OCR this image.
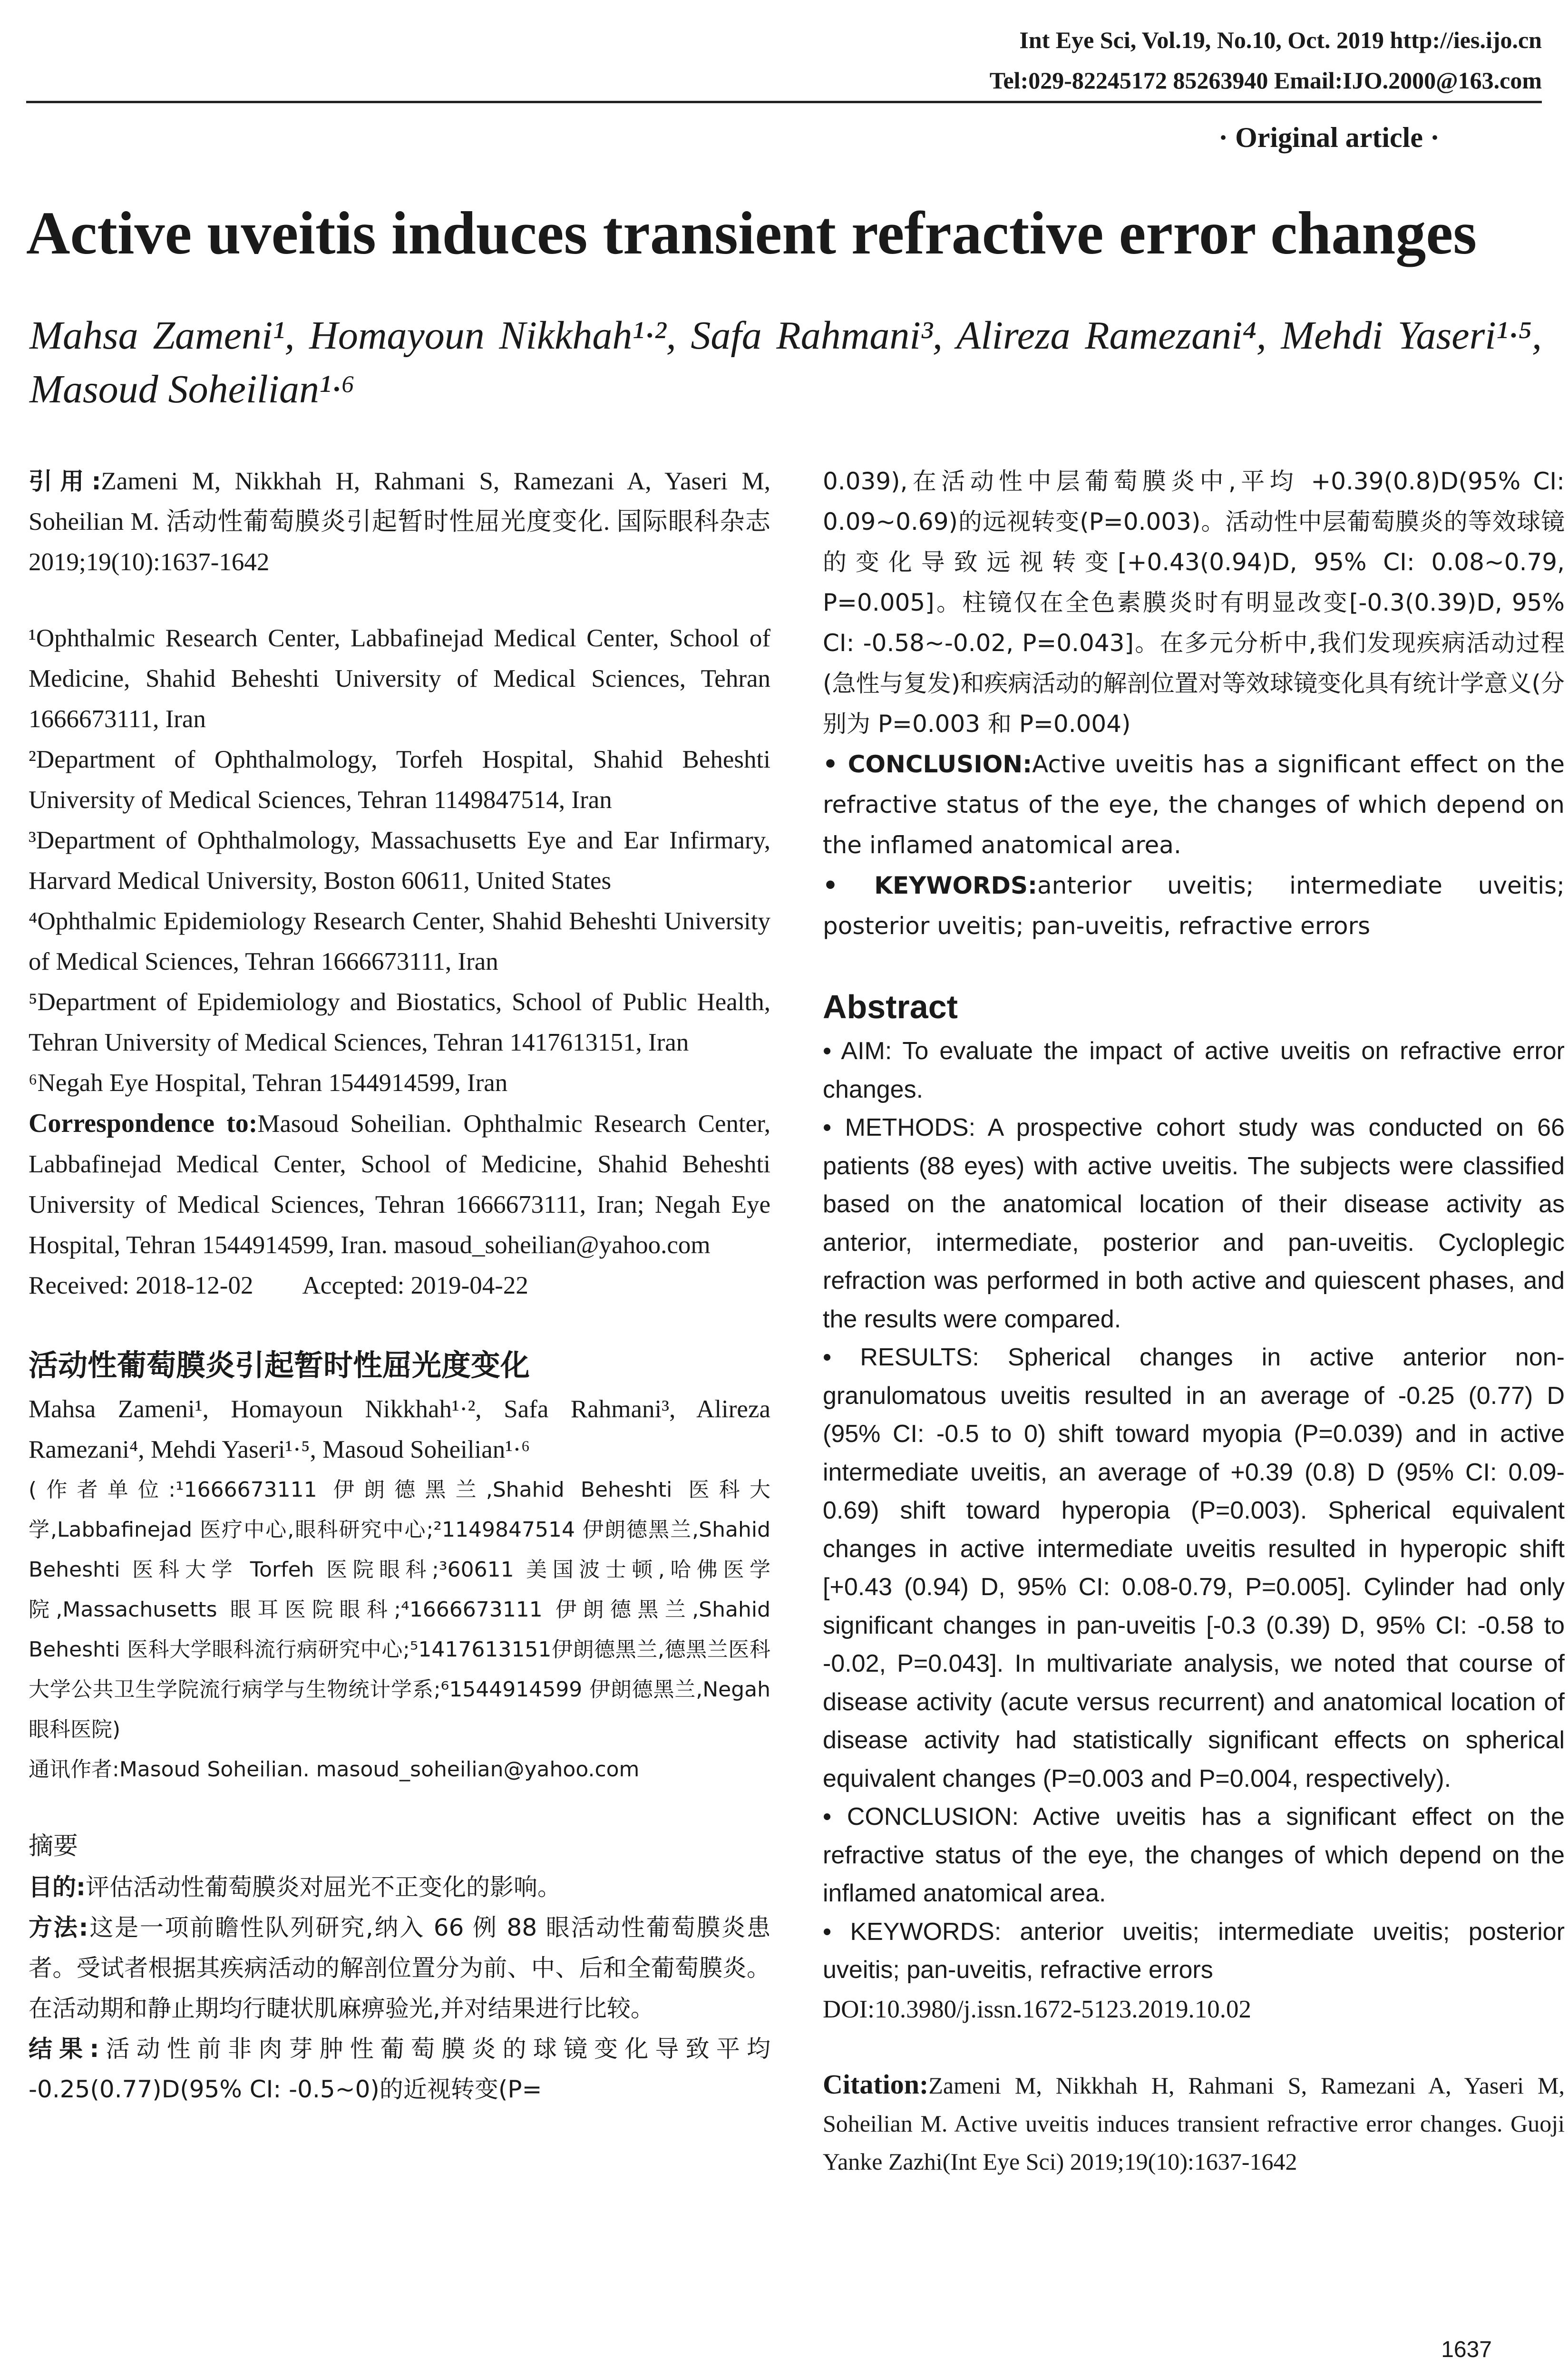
Int Eye Sci, Vol.19, No.10, Oct. 2019 http://ies.ijo.cn
Tel:029-82245172 85263940 Email:IJO.2000@163.com
· Original article ·
Active uveitis induces transient refractive error changes
Mahsa Zameni¹, Homayoun Nikkhah¹·², Safa Rahmani³, Alireza Ramezani⁴, Mehdi Yaseri¹·⁵, Masoud Soheilian¹·⁶

引用:Zameni M, Nikkhah H, Rahmani S, Ramezani A, Yaseri M, Soheilian M. 活动性葡萄膜炎引起暂时性屈光度变化. 国际眼科杂志 2019;19(10):1637-1642

¹Ophthalmic Research Center, Labbafinejad Medical Center, School of Medicine, Shahid Beheshti University of Medical Sciences, Tehran 1666673111, Iran

²Department of Ophthalmology, Torfeh Hospital, Shahid Beheshti University of Medical Sciences, Tehran 1149847514, Iran

³Department of Ophthalmology, Massachusetts Eye and Ear Infirmary, Harvard Medical University, Boston 60611, United States

⁴Ophthalmic Epidemiology Research Center, Shahid Beheshti University of Medical Sciences, Tehran 1666673111, Iran

⁵Department of Epidemiology and Biostatics, School of Public Health, Tehran University of Medical Sciences, Tehran 1417613151, Iran

⁶Negah Eye Hospital, Tehran 1544914599, Iran

Correspondence to:Masoud Soheilian. Ophthalmic Research Center, Labbafinejad Medical Center, School of Medicine, Shahid Beheshti University of Medical Sciences, Tehran 1666673111, Iran; Negah Eye Hospital, Tehran 1544914599, Iran. masoud_soheilian@yahoo.com

Received: 2018-12-02        Accepted: 2019-04-22

活动性葡萄膜炎引起暂时性屈光度变化

Mahsa Zameni¹, Homayoun Nikkhah¹·², Safa Rahmani³, Alireza Ramezani⁴, Mehdi Yaseri¹·⁵, Masoud Soheilian¹·⁶

(作者单位:¹1666673111 伊朗德黑兰,Shahid Beheshti 医科大学,Labbafinejad 医疗中心,眼科研究中心;²1149847514 伊朗德黑兰,Shahid Beheshti 医科大学 Torfeh 医院眼科;³60611 美国波士顿,哈佛医学院,Massachusetts 眼耳医院眼科;⁴1666673111 伊朗德黑兰,Shahid Beheshti 医科大学眼科流行病研究中心;⁵1417613151伊朗德黑兰,德黑兰医科大学公共卫生学院流行病学与生物统计学系;⁶1544914599 伊朗德黑兰,Negah 眼科医院)

通讯作者:Masoud Soheilian. masoud_soheilian@yahoo.com

摘要

目的:评估活动性葡萄膜炎对屈光不正变化的影响。

方法:这是一项前瞻性队列研究,纳入 66 例 88 眼活动性葡萄膜炎患者。受试者根据其疾病活动的解剖位置分为前、中、后和全葡萄膜炎。在活动期和静止期均行睫状肌麻痹验光,并对结果进行比较。

结果:活动性前非肉芽肿性葡萄膜炎的球镜变化导致平均 -0.25(0.77)D(95% CI: -0.5~0)的近视转变(P=

0.039),在活动性中层葡萄膜炎中,平均 +0.39(0.8)D(95% CI: 0.09~0.69)的远视转变(P=0.003)。活动性中层葡萄膜炎的等效球镜的变化导致远视转变[+0.43(0.94)D, 95% CI: 0.08~0.79, P=0.005]。柱镜仅在全色素膜炎时有明显改变[-0.3(0.39)D, 95% CI: -0.58~-0.02, P=0.043]。在多元分析中,我们发现疾病活动过程(急性与复发)和疾病活动的解剖位置对等效球镜变化具有统计学意义(分别为 P=0.003 和 P=0.004)

• CONCLUSION:Active uveitis has a significant effect on the refractive status of the eye, the changes of which depend on the inflamed anatomical area.

• KEYWORDS:anterior uveitis; intermediate uveitis; posterior uveitis; pan-uveitis, refractive errors

Abstract

• AIM: To evaluate the impact of active uveitis on refractive error changes.

• METHODS: A prospective cohort study was conducted on 66 patients (88 eyes) with active uveitis. The subjects were classified based on the anatomical location of their disease activity as anterior, intermediate, posterior and pan-uveitis. Cycloplegic refraction was performed in both active and quiescent phases, and the results were compared.

• RESULTS: Spherical changes in active anterior non-granulomatous uveitis resulted in an average of -0.25 (0.77) D (95% CI: -0.5 to 0) shift toward myopia (P=0.039) and in active intermediate uveitis, an average of +0.39 (0.8) D (95% CI: 0.09-0.69) shift toward hyperopia (P=0.003). Spherical equivalent changes in active intermediate uveitis resulted in hyperopic shift [+0.43 (0.94) D, 95% CI: 0.08-0.79, P=0.005]. Cylinder had only significant changes in pan-uveitis [-0.3 (0.39) D, 95% CI: -0.58 to -0.02, P=0.043]. In multivariate analysis, we noted that course of disease activity (acute versus recurrent) and anatomical location of disease activity had statistically significant effects on spherical equivalent changes (P=0.003 and P=0.004, respectively).

• CONCLUSION: Active uveitis has a significant effect on the refractive status of the eye, the changes of which depend on the inflamed anatomical area.

• KEYWORDS: anterior uveitis; intermediate uveitis; posterior uveitis; pan-uveitis, refractive errors

DOI:10.3980/j.issn.1672-5123.2019.10.02

Citation:Zameni M, Nikkhah H, Rahmani S, Ramezani A, Yaseri M, Soheilian M. Active uveitis induces transient refractive error changes. Guoji Yanke Zazhi(Int Eye Sci) 2019;19(10):1637-1642

1637
